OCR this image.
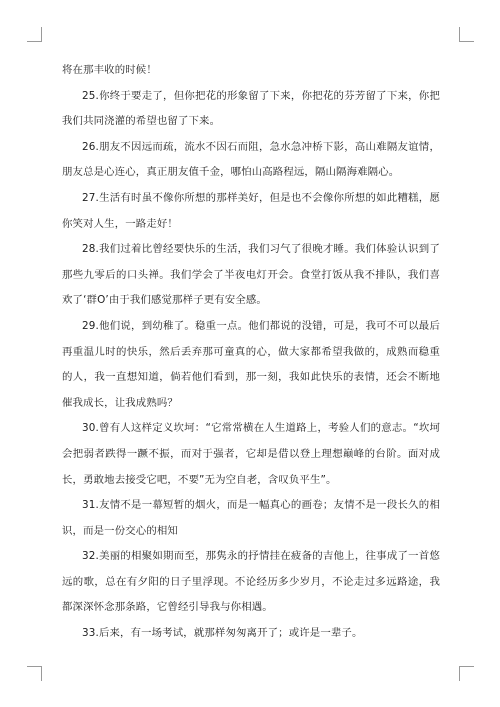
将在那丰收的时候！

25.你终于要走了，但你把花的形象留了下来，你把花的芬芳留了下来，你把我们共同浇灌的希望也留了下来。

26.朋友不因远而疏，流水不因石而阻，急水急冲桥下影，高山难隔友谊情，朋友总是心连心，真正朋友值千金，哪怕山高路程远，隔山隔海难隔心。

27.生活有时虽不像你所想的那样美好，但是也不会像你所想的如此糟糕，愿你笑对人生，一路走好！

28.我们过着比曾经要快乐的生活，我们习气了很晚才睡。我们体验认识到了那些九零后的口头禅。我们学会了半夜电灯开会。食堂打饭从我不排队，我们喜欢了‘群O’由于我们感觉那样子更有安全感。

29.他们说，到幼稚了。稳重一点。他们都说的没错，可是，我可不可以最后再重温儿时的快乐，然后丢弃那可童真的心，做大家都希望我做的，成熟而稳重的人，我一直想知道，倘若他们看到，那一刻，我如此快乐的表情，还会不断地催我成长，让我成熟吗？

30.曾有人这样定义坎坷：“它常常横在人生道路上，考验人们的意志。“坎坷会把弱者跌得一蹶不振，而对于强者，它却是借以登上理想巅峰的台阶。面对成长，勇敢地去接受它吧，不要”无为空自老，含叹负平生”。

31.友情不是一幕短暂的烟火，而是一幅真心的画卷；友情不是一段长久的相识，而是一份交心的相知

32.美丽的相聚如期而至，那隽永的抒情挂在疲备的吉他上，往事成了一首悠远的歌，总在有夕阳的日子里浮现。不论经历多少岁月，不论走过多远路途，我都深深怀念那条路，它曾经引导我与你相遇。

33.后来，有一场考试，就那样匆匆离开了；或许是一辈子。
